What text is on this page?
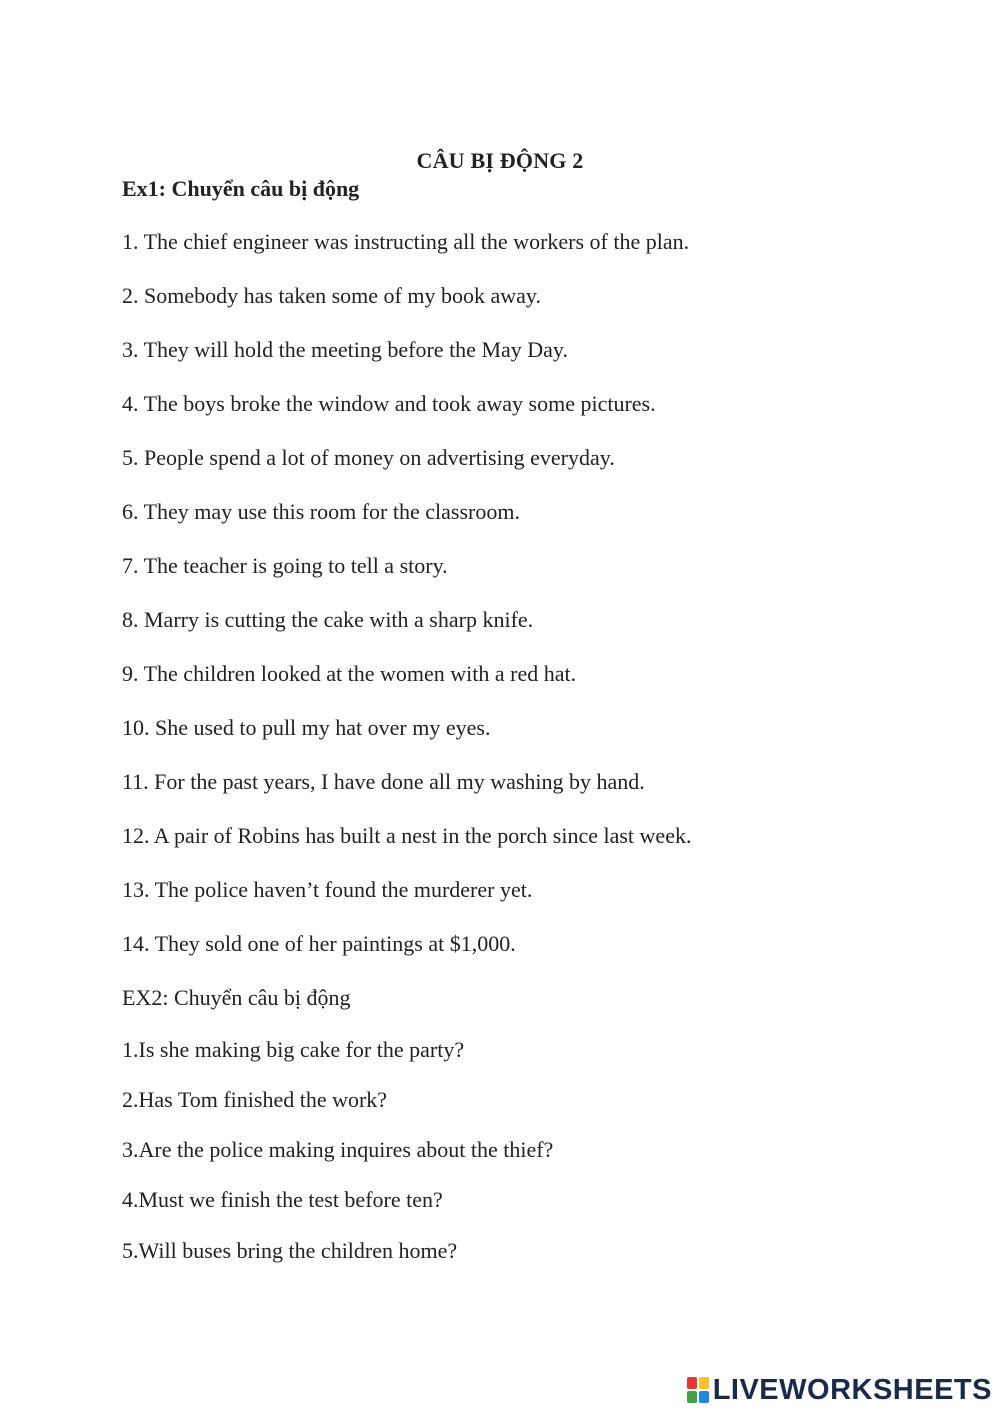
CÂU BỊ ĐỘNG 2
Ex1: Chuyển câu bị động
1. The chief engineer was instructing all the workers of the plan.
2. Somebody has taken some of my book away.
3. They will hold the meeting before the May Day.
4. The boys broke the window and took away some pictures.
5. People spend a lot of money on advertising everyday.
6. They may use this room for the classroom.
7. The teacher is going to tell a story.
8. Marry is cutting the cake with a sharp knife.
9. The children looked at the women with a red hat.
10. She used to pull my hat over my eyes.
11. For the past years, I have done all my washing by hand.
12. A pair of Robins has built a nest in the porch since last week.
13. The police haven’t found the murderer yet.
14. They sold one of her paintings at $1,000.
EX2: Chuyển câu bị động
1.Is she making big cake for the party?
2.Has Tom finished the work?
3.Are the police making inquires about the thief?
4.Must we finish the test before ten?
5.Will buses bring the children home?
LIVEWORKSHEETS
